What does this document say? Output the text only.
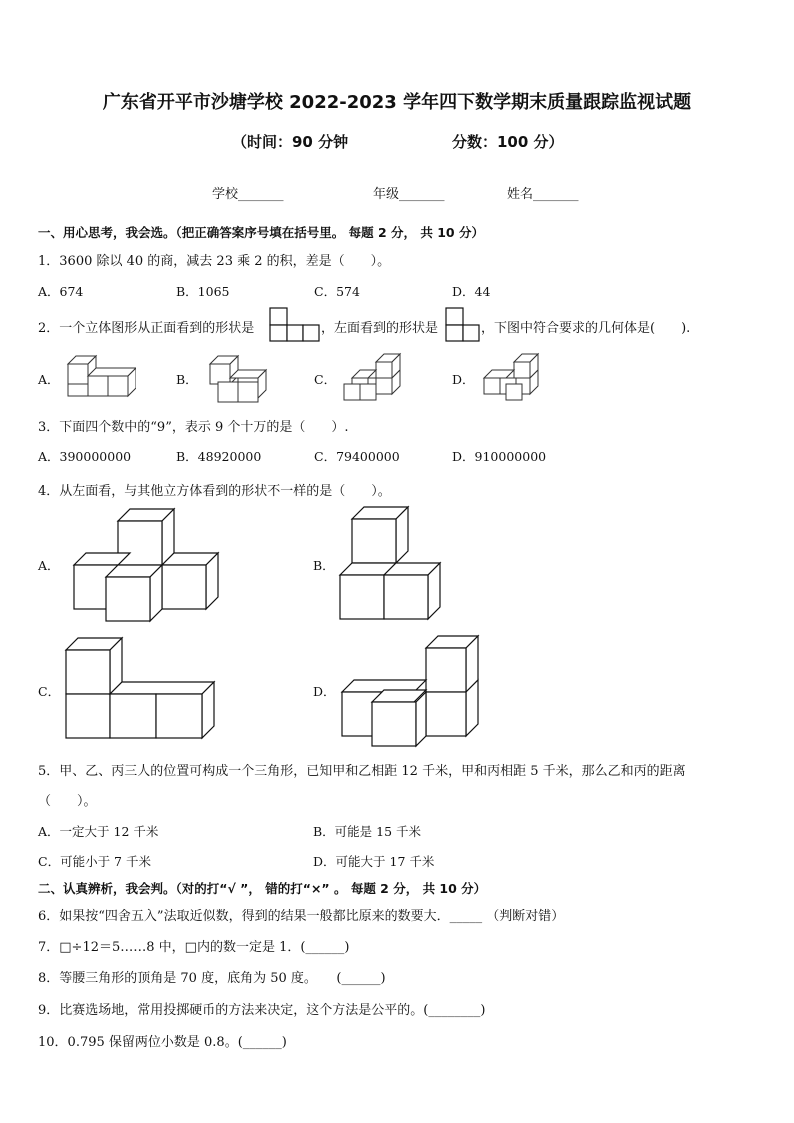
广东省开平市沙塘学校 2022-2023 学年四下数学期末质量跟踪监视试题
（时间：90 分钟	分数：100 分）
学校_______	年级_______	姓名_______
一、用心思考，我会选。（把正确答案序号填在括号里。 每题 2 分， 共 10 分）
1．3600 除以 40 的商，减去 23 乘 2 的积，差是（　　）。
A．674	B．1065	C．574	D．44
2．一个立体图形从正面看到的形状是	，左面看到的形状是	，下图中符合要求的几何体是(　　).
A．	B．	C．	D．
3．下面四个数中的“9”，表示 9 个十万的是（　　）.
A．390000000	B．48920000	C．79400000	D．910000000
4．从左面看，与其他立方体看到的形状不一样的是（　　）。
A．	B．
C．	D．
5．甲、乙、丙三人的位置可构成一个三角形，已知甲和乙相距 12 千米，甲和丙相距 5 千米，那么乙和丙的距离
（　　）。
A．一定大于 12 千米	B．可能是 15 千米
C．可能小于 7 千米	D．可能大于 17 千米
二、认真辨析，我会判。（对的打“√ ”， 错的打“×” 。 每题 2 分， 共 10 分）
6．如果按“四舍五入”法取近似数，得到的结果一般都比原来的数要大．_____ （判断对错）
7．□÷12＝5……8 中，□内的数一定是 1．(______)
8．等腰三角形的顶角是 70 度，底角为 50 度。　　(______)
9．比赛选场地，常用投掷硬币的方法来决定，这个方法是公平的。(________)
10．0.795 保留两位小数是 0.8。(______)
